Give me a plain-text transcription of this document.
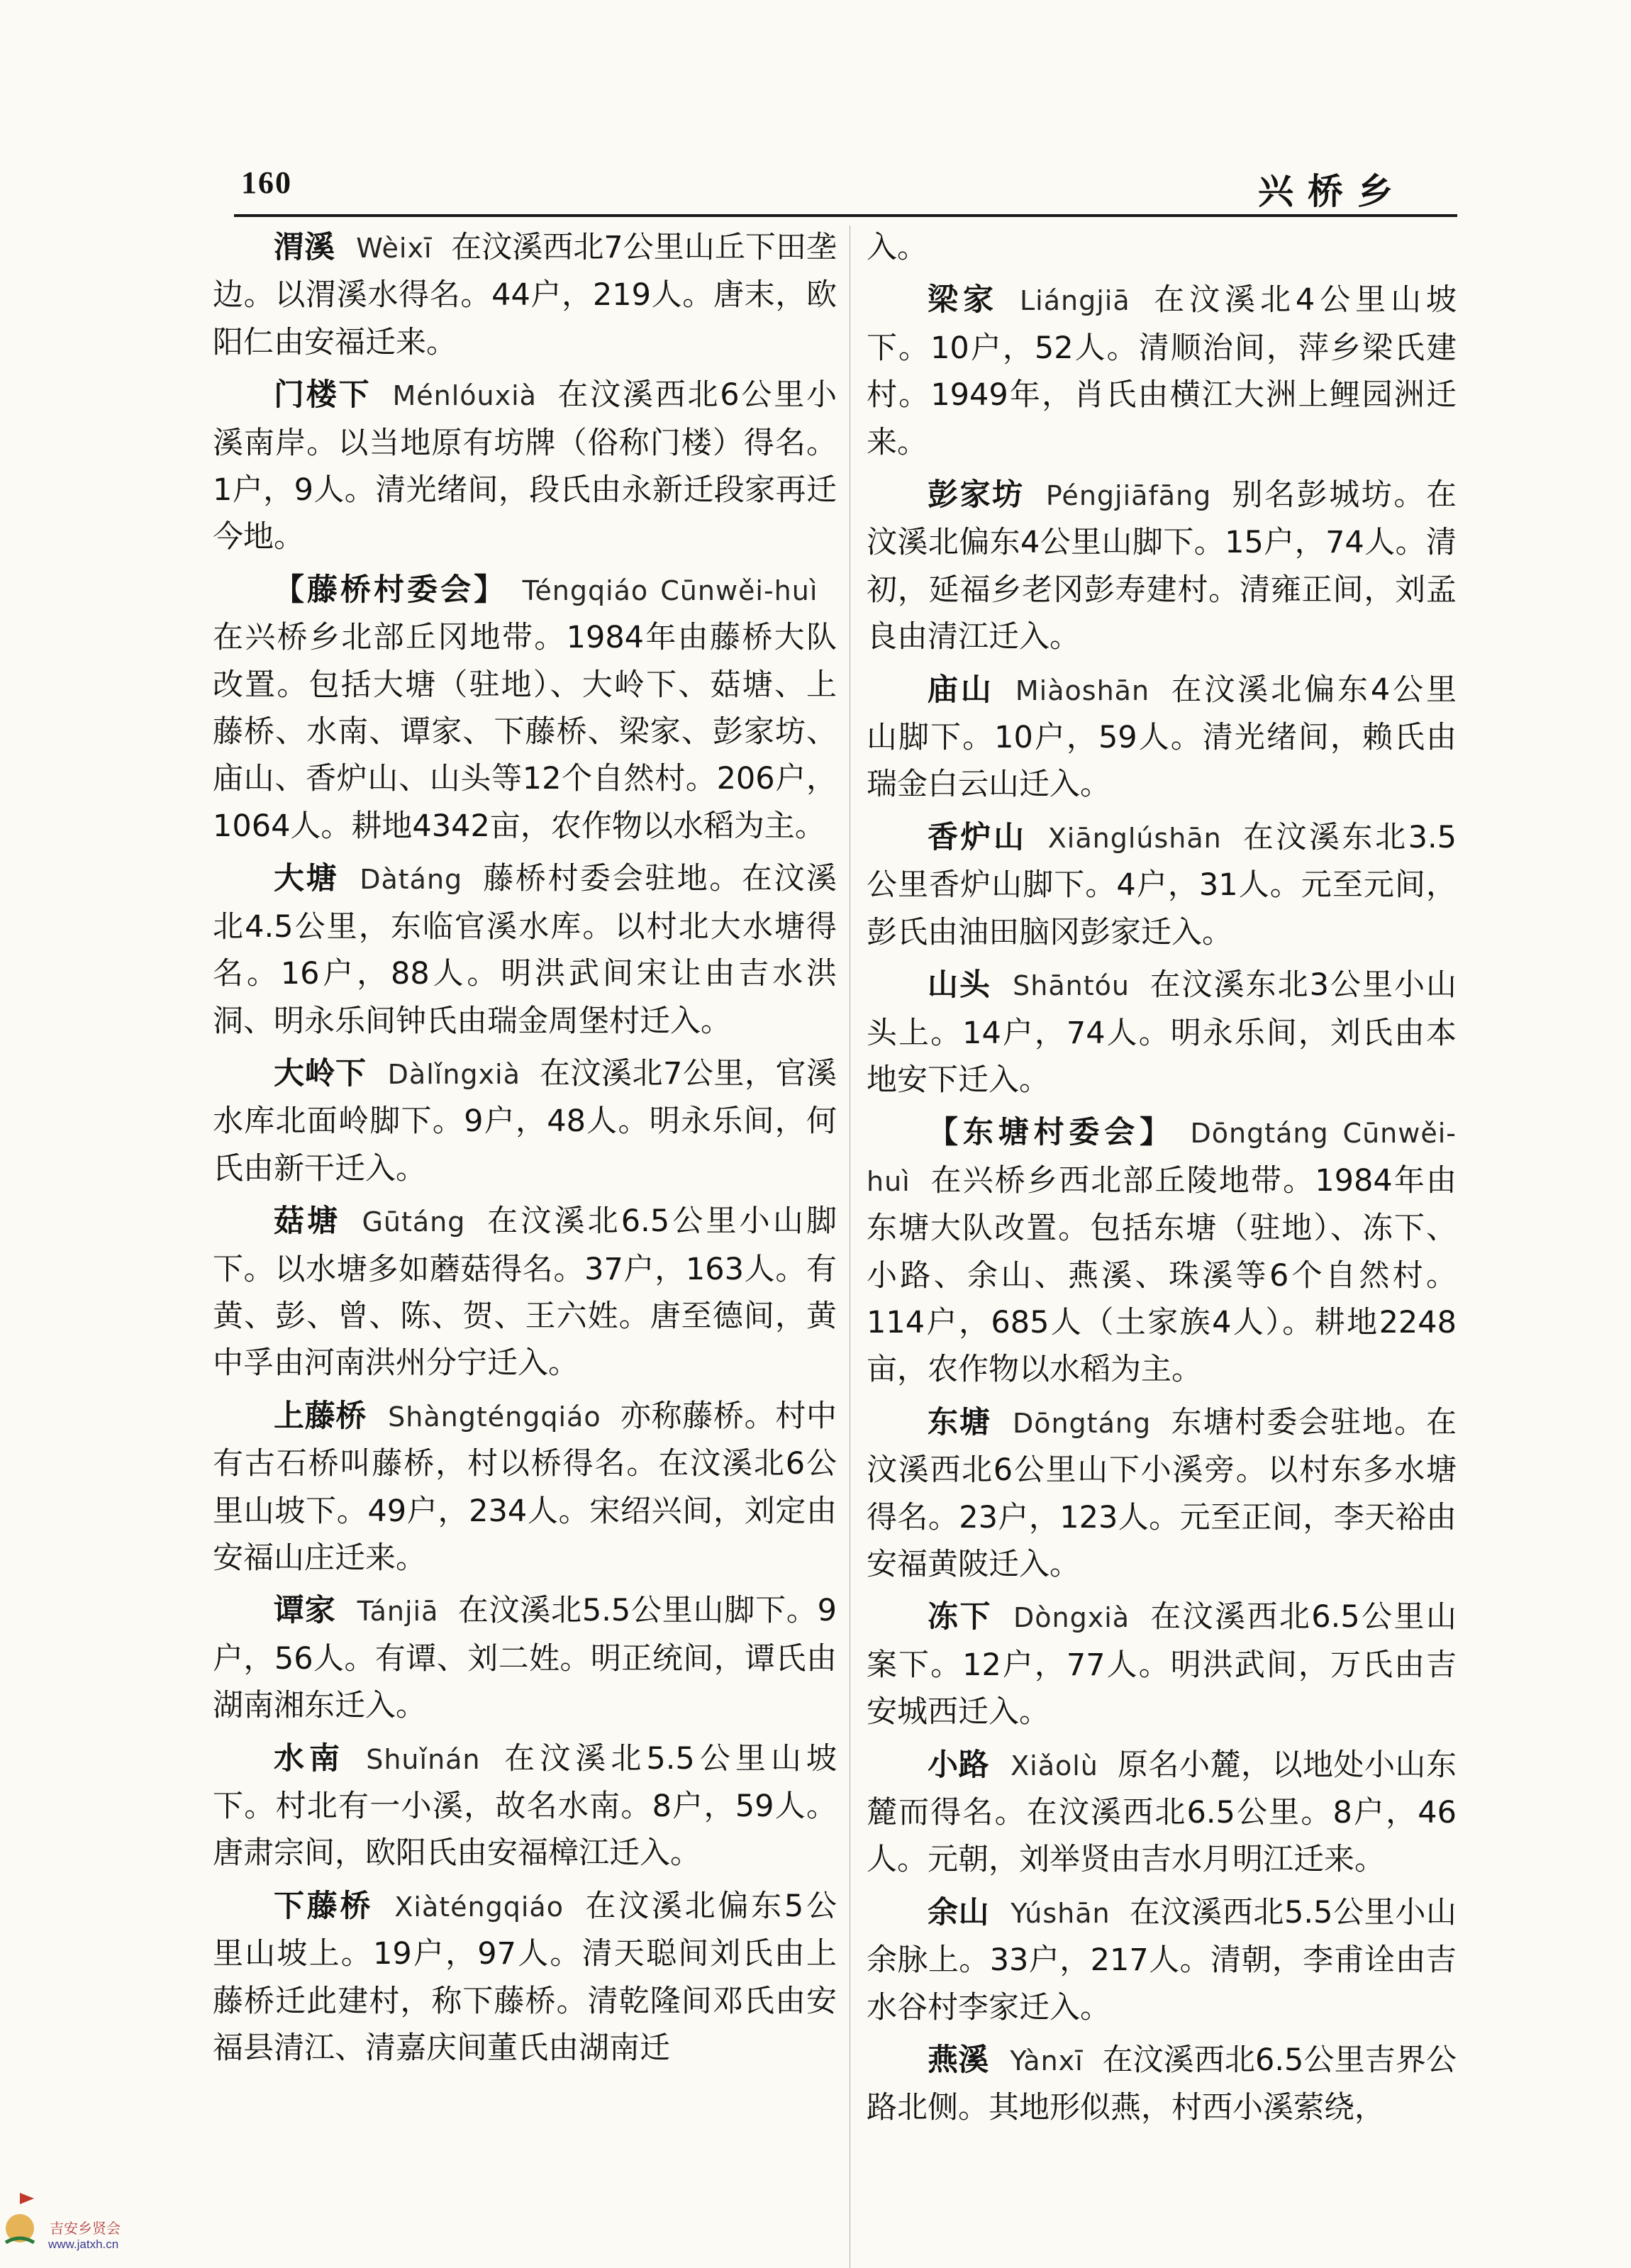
160	兴桥乡

渭溪 Wèixī 在汶溪西北7公里山丘下田垄边。以渭溪水得名。44户，219人。唐末，欧阳仁由安福迁来。

门楼下 Ménlóuxià 在汶溪西北6公里小溪南岸。以当地原有坊牌（俗称门楼）得名。1户，9人。清光绪间，段氏由永新迁段家再迁今地。

【藤桥村委会】 Téngqiáo Cūnwěi-huì在兴桥乡北部丘冈地带。1984年由藤桥大队改置。包括大塘（驻地）、大岭下、菇塘、上藤桥、水南、谭家、下藤桥、梁家、彭家坊、庙山、香炉山、山头等12个自然村。206户，1064人。耕地4342亩，农作物以水稻为主。

大塘 Dàtáng 藤桥村委会驻地。在汶溪北4.5公里，东临官溪水库。以村北大水塘得名。16户，88人。明洪武间宋让由吉水洪洞、明永乐间钟氏由瑞金周堡村迁入。

大岭下 Dàlǐngxià 在汶溪北7公里，官溪水库北面岭脚下。9户，48人。明永乐间，何氏由新干迁入。

菇塘 Gūtáng 在汶溪北6.5公里小山脚下。以水塘多如蘑菇得名。37户，163人。有黄、彭、曾、陈、贺、王六姓。唐至德间，黄中孚由河南洪州分宁迁入。

上藤桥 Shàngténgqiáo 亦称藤桥。村中有古石桥叫藤桥，村以桥得名。在汶溪北6公里山坡下。49户，234人。宋绍兴间，刘定由安福山庄迁来。

谭家 Tánjiā 在汶溪北5.5公里山脚下。9户，56人。有谭、刘二姓。明正统间，谭氏由湖南湘东迁入。

水南 Shuǐnán 在汶溪北5.5公里山坡下。村北有一小溪，故名水南。8户，59人。唐肃宗间，欧阳氏由安福樟江迁入。

下藤桥 Xiàténgqiáo 在汶溪北偏东5公里山坡上。19户，97人。清天聪间刘氏由上藤桥迁此建村，称下藤桥。清乾隆间邓氏由安福县清江、清嘉庆间董氏由湖南迁

入。

梁家 Liángjiā 在汶溪北4公里山坡下。10户，52人。清顺治间，萍乡梁氏建村。1949年，肖氏由横江大洲上鲤园洲迁来。

彭家坊 Péngjiāfāng 别名彭城坊。在汶溪北偏东4公里山脚下。15户，74人。清初，延福乡老冈彭寿建村。清雍正间，刘孟良由清江迁入。

庙山 Miàoshān 在汶溪北偏东4公里山脚下。10户，59人。清光绪间，赖氏由瑞金白云山迁入。

香炉山 Xiānglúshān 在汶溪东北3.5公里香炉山脚下。4户，31人。元至元间，彭氏由油田脑冈彭家迁入。

山头 Shāntóu 在汶溪东北3公里小山头上。14户，74人。明永乐间，刘氏由本地安下迁入。

【东塘村委会】 Dōngtáng Cūnwěi-huì 在兴桥乡西北部丘陵地带。1984年由东塘大队改置。包括东塘（驻地）、冻下、小路、余山、燕溪、珠溪等6个自然村。114户，685人（土家族4人）。耕地2248亩，农作物以水稻为主。

东塘 Dōngtáng 东塘村委会驻地。在汶溪西北6公里山下小溪旁。以村东多水塘得名。23户，123人。元至正间，李天裕由安福黄陂迁入。

冻下 Dòngxià 在汶溪西北6.5公里山案下。12户，77人。明洪武间，万氏由吉安城西迁入。

小路 Xiǎolù 原名小麓，以地处小山东麓而得名。在汶溪西北6.5公里。8户，46人。元朝，刘举贤由吉水月明江迁来。

余山 Yúshān 在汶溪西北5.5公里小山余脉上。33户，217人。清朝，李甫诠由吉水谷村李家迁入。

燕溪 Yànxī 在汶溪西北6.5公里吉界公路北侧。其地形似燕，村西小溪萦绕，

吉安乡贤会
www.jatxh.cn
